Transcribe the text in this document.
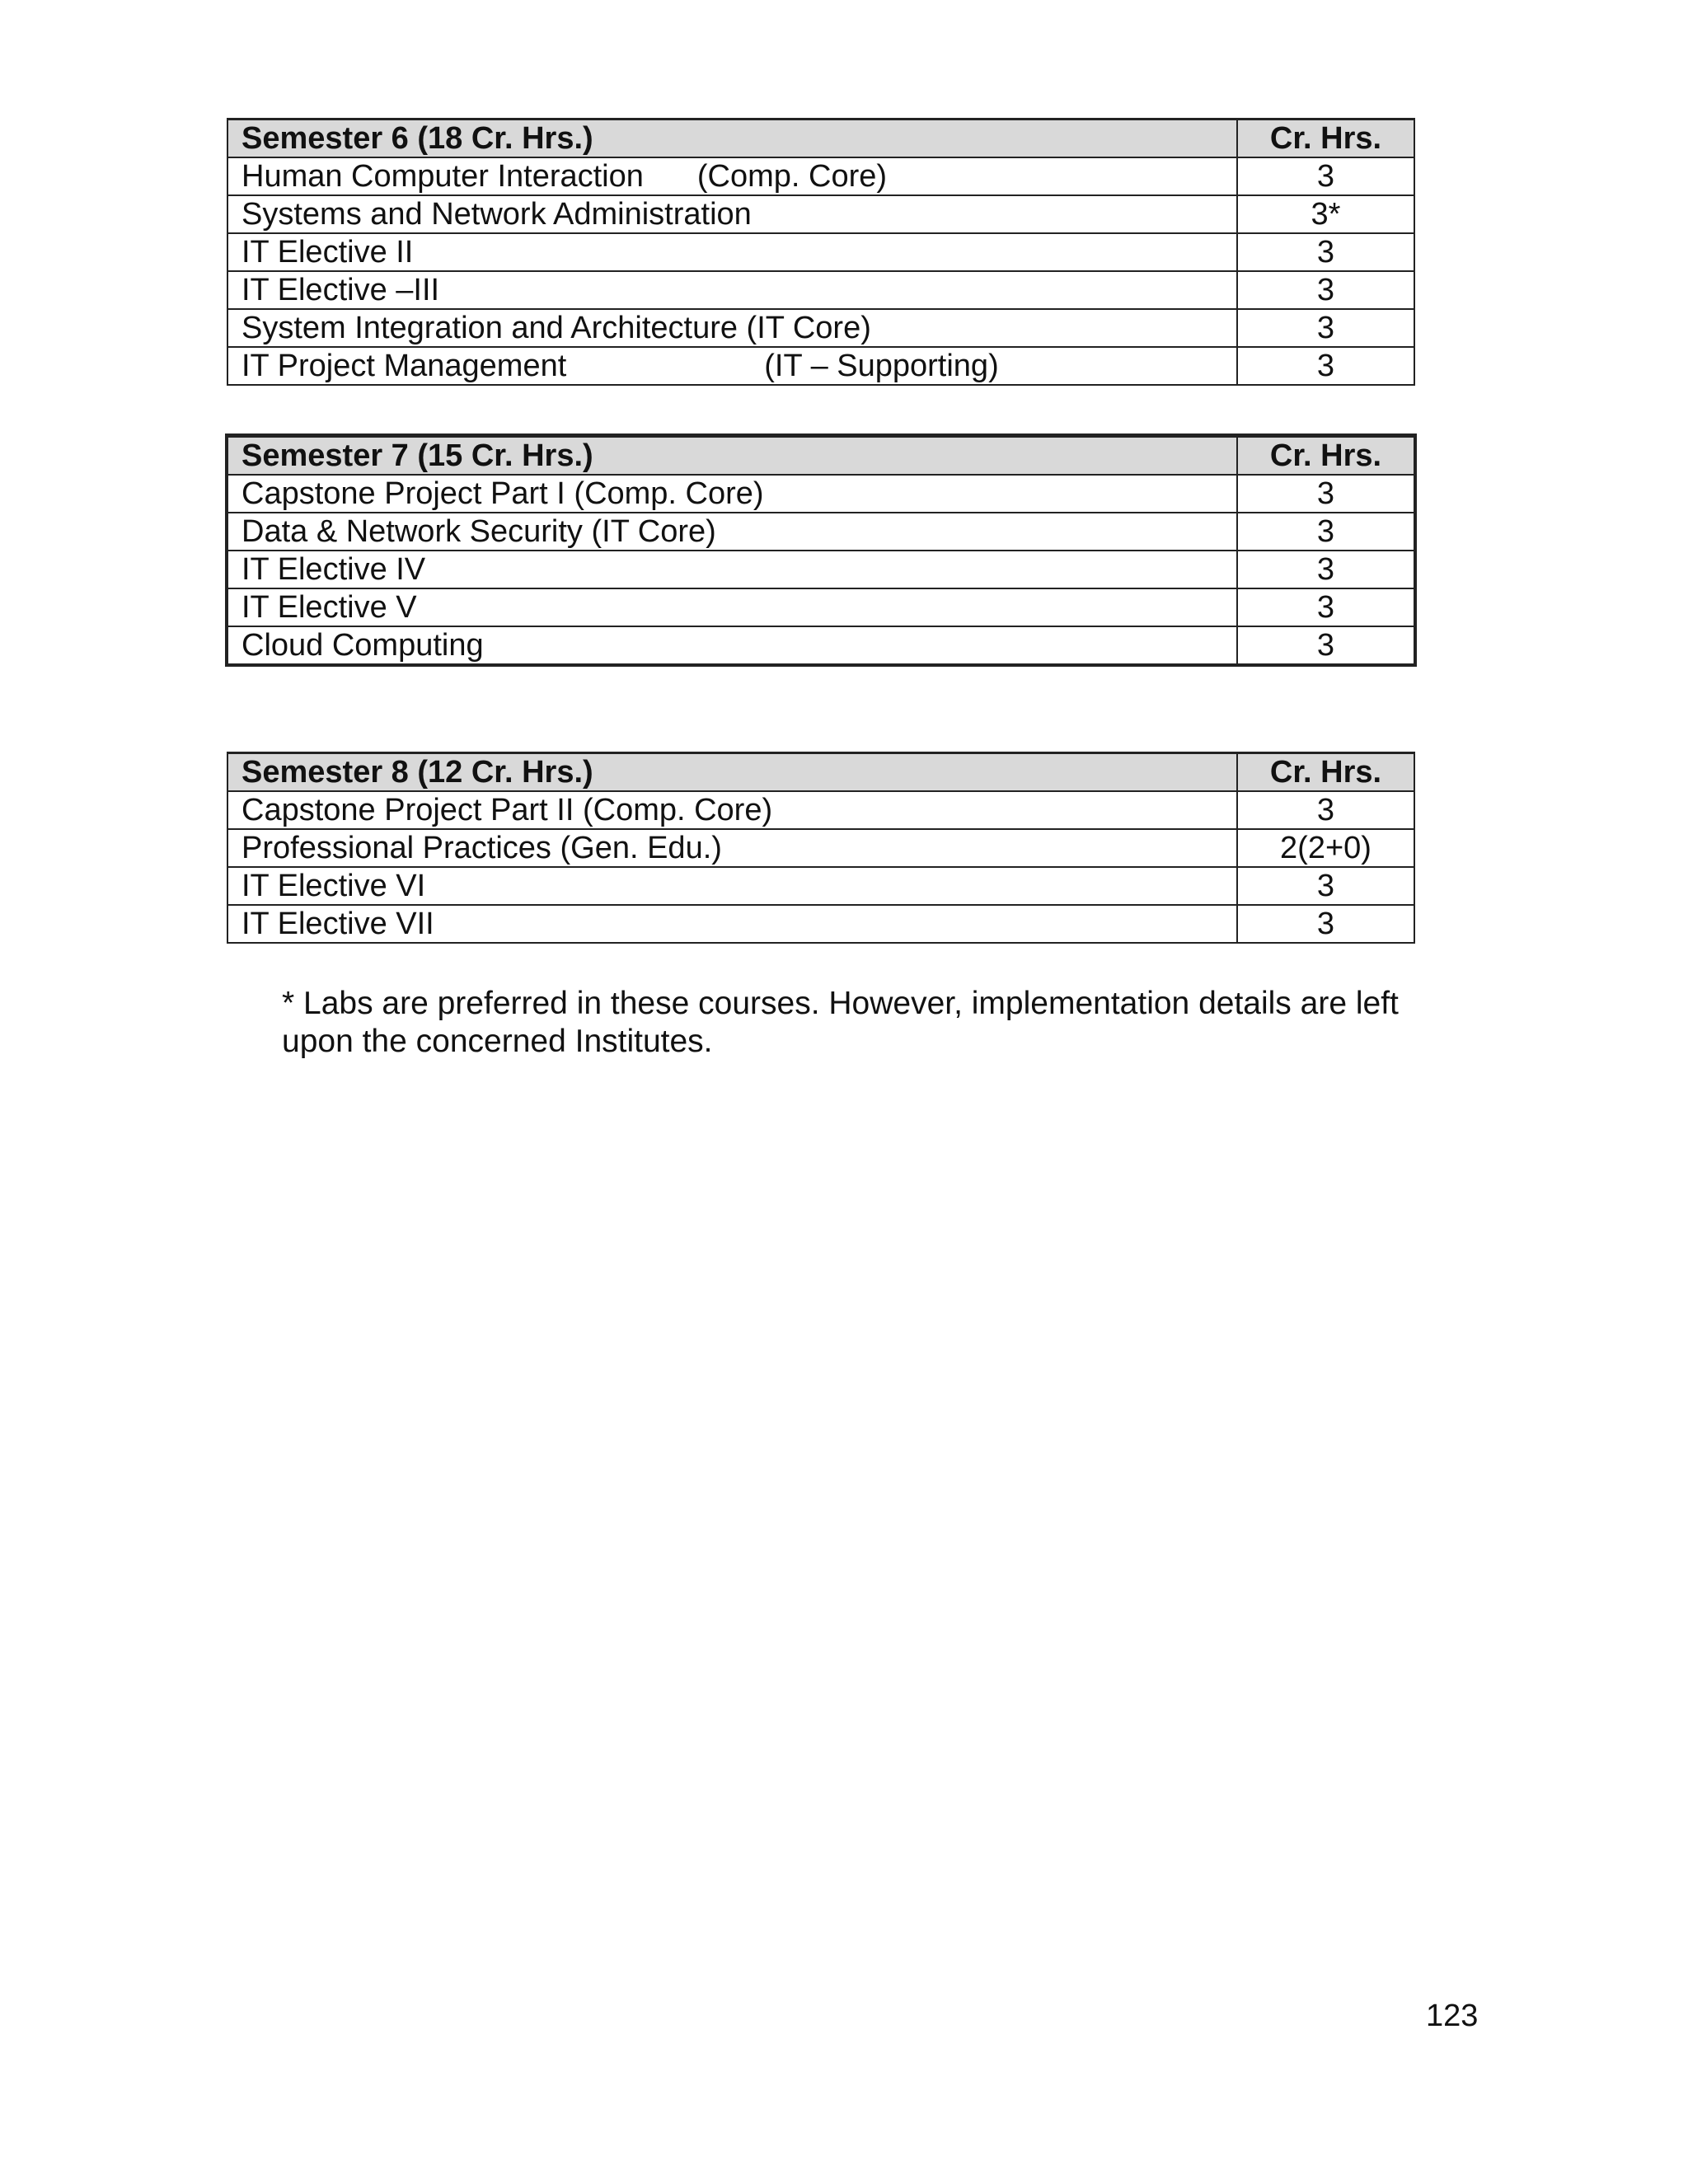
Semester 6 (18 Cr. Hrs.)	Cr. Hrs.
Human Computer Interaction (Comp. Core)	3
Systems and Network Administration	3*
IT Elective II	3
IT Elective –III	3
System Integration and Architecture (IT Core)	3
IT Project Management (IT – Supporting)	3
Semester 7 (15 Cr. Hrs.)	Cr. Hrs.
Capstone Project Part I (Comp. Core)	3
Data & Network Security (IT Core)	3
IT Elective IV	3
IT Elective V	3
Cloud Computing	3
Semester 8 (12 Cr. Hrs.)	Cr. Hrs.
Capstone Project Part II (Comp. Core)	3
Professional Practices (Gen. Edu.)	2(2+0)
IT Elective VI	3
IT Elective VII	3
* Labs are preferred in these courses. However, implementation details are left
upon the concerned Institutes.
123
